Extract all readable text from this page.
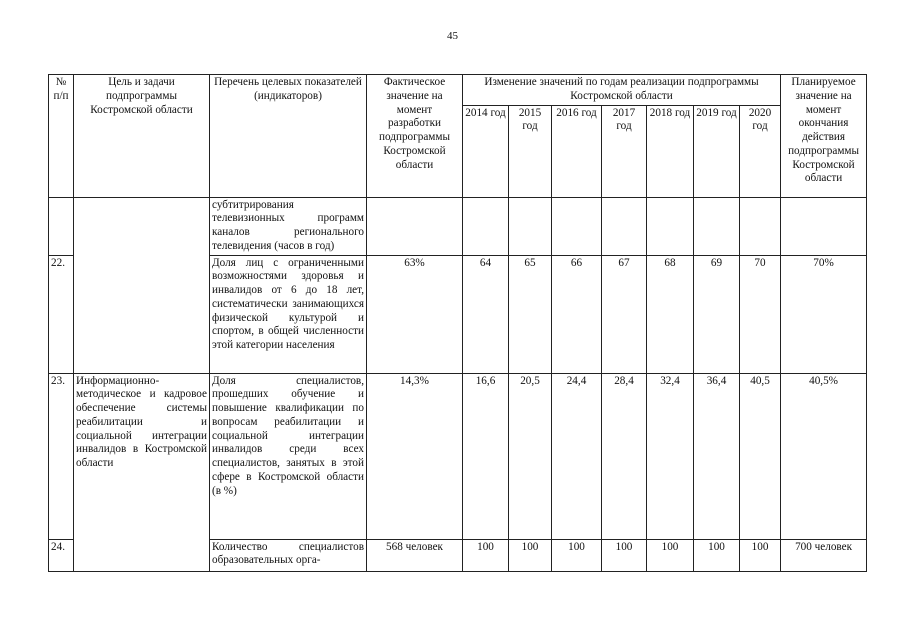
45
№ п/п	Цель и задачи подпрограммы Костромской области	Перечень целевых показателей (индикаторов)	Фактическое значение на момент разработки подпрограммы Костромской области	Изменение значений по годам реализации подпрограммы Костромской области							Планируемое значение на момент окончания действия подпрограммы Костромской области
				2014 год	2015 год	2016 год	2017 год	2018 год	2019 год	2020 год	

		субтитрирования телевизионных программ каналов регионального телевидения (часов в год)									

22.		Доля лиц с ограниченными возможностями здоровья и инвалидов от 6 до 18 лет, систематически занимающихся физической культурой и спортом, в общей численности этой категории населения	63%	64	65	66	67	68	69	70	70%
23.	Информационно-методическое и кадровое обеспечение системы реабилитации и социальной интеграции инвалидов в Костромской области	Доля специалистов, прошедших обучение и повышение квалификации по вопросам реабилитации и социальной интеграции инвалидов среди всех специалистов, занятых в этой сфере в Костромской области (в %)	14,3%	16,6	20,5	24,4	28,4	32,4	36,4	40,5	40,5%
24.		Количество специалистов образовательных орга-	568 человек	100	100	100	100	100	100	100	700 человек
